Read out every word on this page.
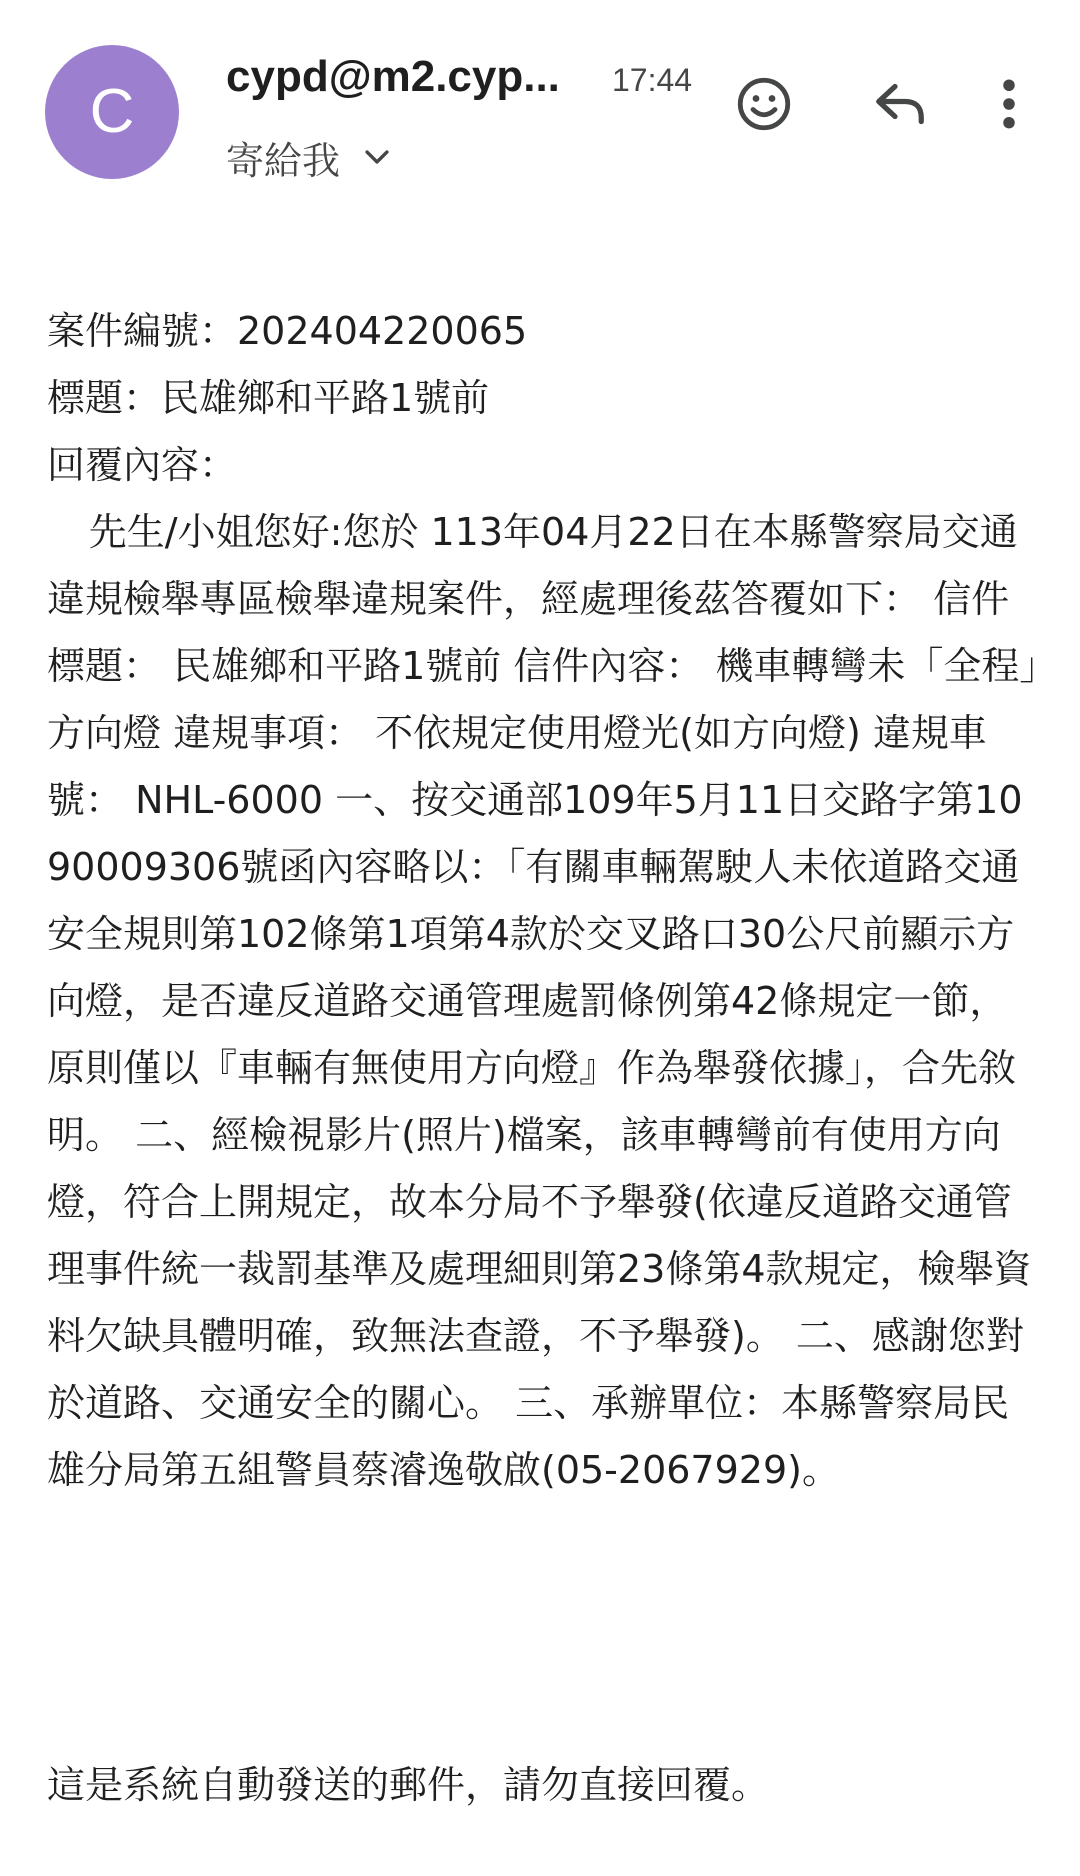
C
cypd@m2.cyp... 17:44
寄給我

案件編號：202404220065

標題：民雄鄉和平路1號前

回覆內容：

先生/小姐您好:您於 113年04月22日在本縣警察局交通違規檢舉專區檢舉違規案件，經處理後茲答覆如下： 信件標題： 民雄鄉和平路1號前 信件內容： 機車轉彎未「全程」方向燈 違規事項： 不依規定使用燈光(如方向燈) 違規車號： NHL-6000 一、按交通部109年5月11日交路字第1090009306號函內容略以：「有關車輛駕駛人未依道路交通安全規則第102條第1項第4款於交叉路口30公尺前顯示方向燈，是否違反道路交通管理處罰條例第42條規定一節，原則僅以『車輛有無使用方向燈』作為舉發依據」，合先敘明。 二、經檢視影片(照片)檔案，該車轉彎前有使用方向燈，符合上開規定，故本分局不予舉發(依違反道路交通管理事件統一裁罰基準及處理細則第23條第4款規定，檢舉資料欠缺具體明確，致無法查證，不予舉發)。 二、感謝您對於道路、交通安全的關心。 三、承辦單位：本縣警察局民雄分局第五組警員蔡濬逸敬啟(05-2067929)。

這是系統自動發送的郵件，請勿直接回覆。
